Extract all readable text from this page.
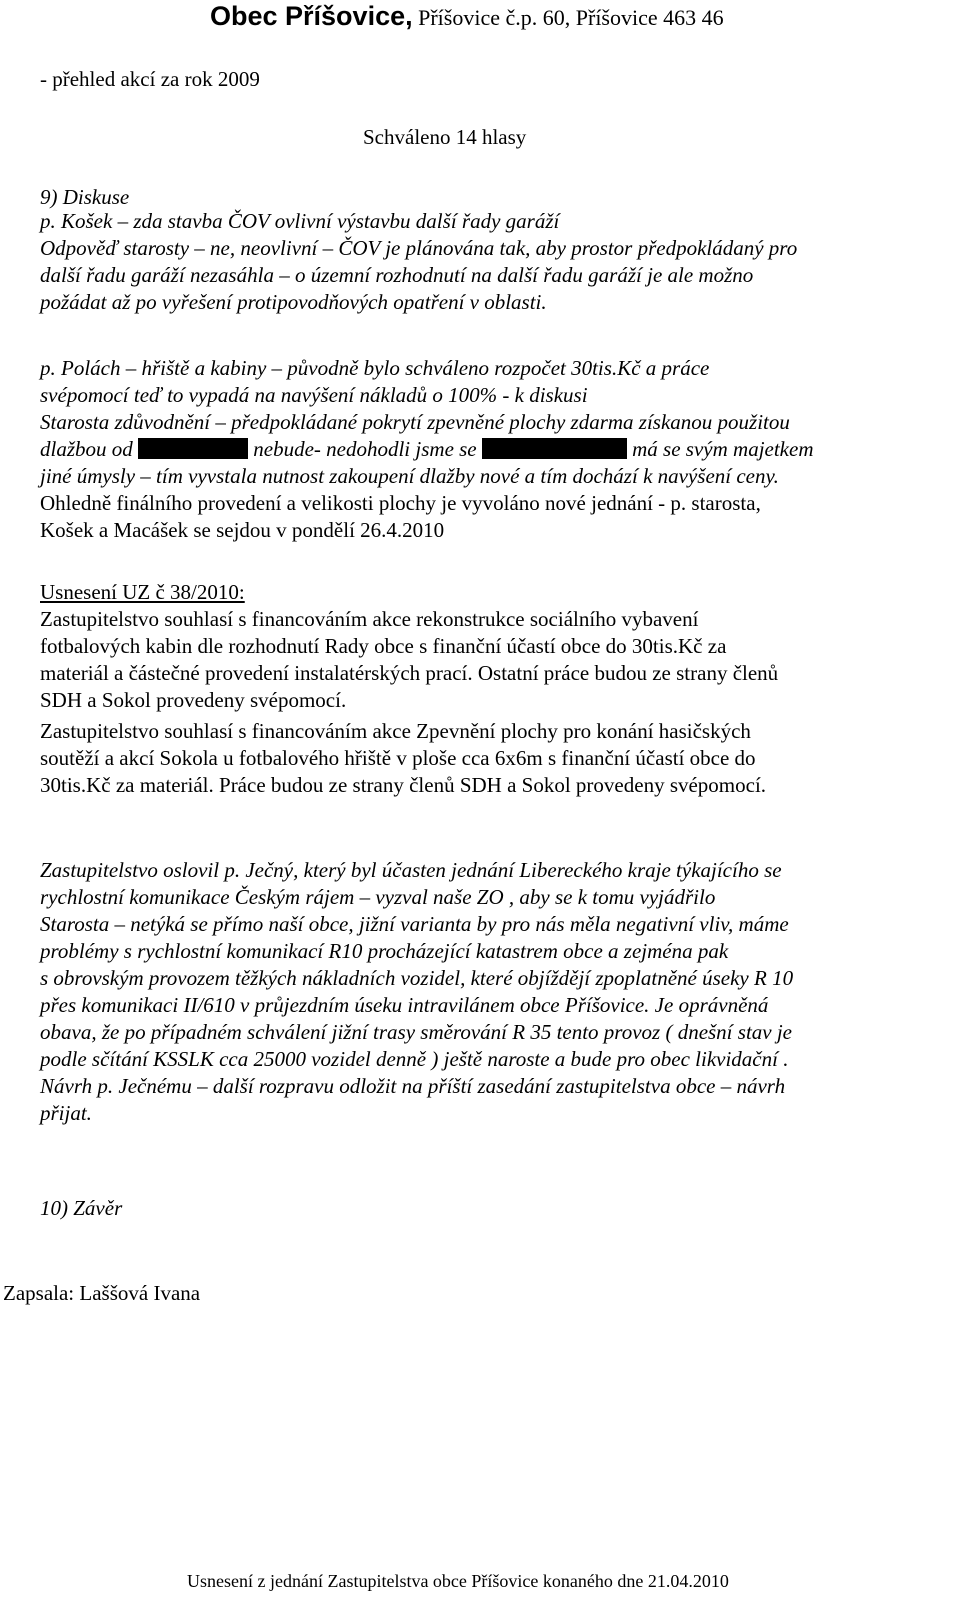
Obec Příšovice, Příšovice č.p. 60, Příšovice 463 46
- přehled akcí za rok 2009
Schváleno 14 hlasy
9) Diskuse
p. Košek – zda stavba ČOV ovlivní výstavbu další řady garáží
Odpověď starosty – ne, neovlivní – ČOV je plánována tak, aby prostor předpokládaný pro
další řadu garáží nezasáhla – o územní rozhodnutí na další řadu garáží je ale možno
požádat až po vyřešení protipovodňových opatření v oblasti.
p. Polách – hřiště a kabiny – původně bylo schváleno rozpočet 30tis.Kč a práce
svépomocí teď to vypadá na navýšení nákladů o 100% - k diskusi
Starosta zdůvodnění – předpokládané pokrytí zpevněné plochy zdarma získanou použitou
dlažbou od	nebude- nedohodli jsme se	má se svým majetkem
jiné úmysly – tím vyvstala nutnost zakoupení dlažby nové a tím dochází k navýšení ceny.
Ohledně finálního provedení a velikosti plochy je vyvoláno nové jednání - p. starosta,
Košek a Macášek se sejdou v pondělí 26.4.2010
Usnesení UZ č 38/2010:
Zastupitelstvo souhlasí s financováním akce rekonstrukce sociálního vybavení
fotbalových kabin dle rozhodnutí Rady obce s finanční účastí obce do 30tis.Kč za
materiál a částečné provedení instalatérských prací. Ostatní práce budou ze strany členů
SDH a Sokol provedeny svépomocí.
Zastupitelstvo souhlasí s financováním akce Zpevnění plochy pro konání hasičských
soutěží a akcí Sokola u fotbalového hřiště v ploše cca 6x6m s finanční účastí obce do
30tis.Kč za materiál. Práce budou ze strany členů SDH a Sokol provedeny svépomocí.
Zastupitelstvo oslovil p. Ječný, který byl účasten jednání Libereckého kraje týkajícího se
rychlostní komunikace Českým rájem – vyzval naše ZO , aby se k tomu vyjádřilo
Starosta – netýká se přímo naší obce, jižní varianta by pro nás měla negativní vliv, máme
problémy s rychlostní komunikací R10 procházející katastrem obce a zejména pak
s obrovským provozem těžkých nákladních vozidel, které objíždějí zpoplatněné úseky R 10
přes komunikaci II/610 v průjezdním úseku intravilánem obce Příšovice. Je oprávněná
obava, že po případném schválení jižní trasy směrování R 35 tento provoz ( dnešní stav je
podle sčítání KSSLK cca 25000 vozidel denně ) ještě naroste a bude pro obec likvidační .
Návrh p. Ječnému – další rozpravu odložit na příští zasedání zastupitelstva obce – návrh
přijat.
10) Závěr
Zapsala: Laššová Ivana
Usnesení z jednání Zastupitelstva obce Příšovice konaného dne 21.04.2010
